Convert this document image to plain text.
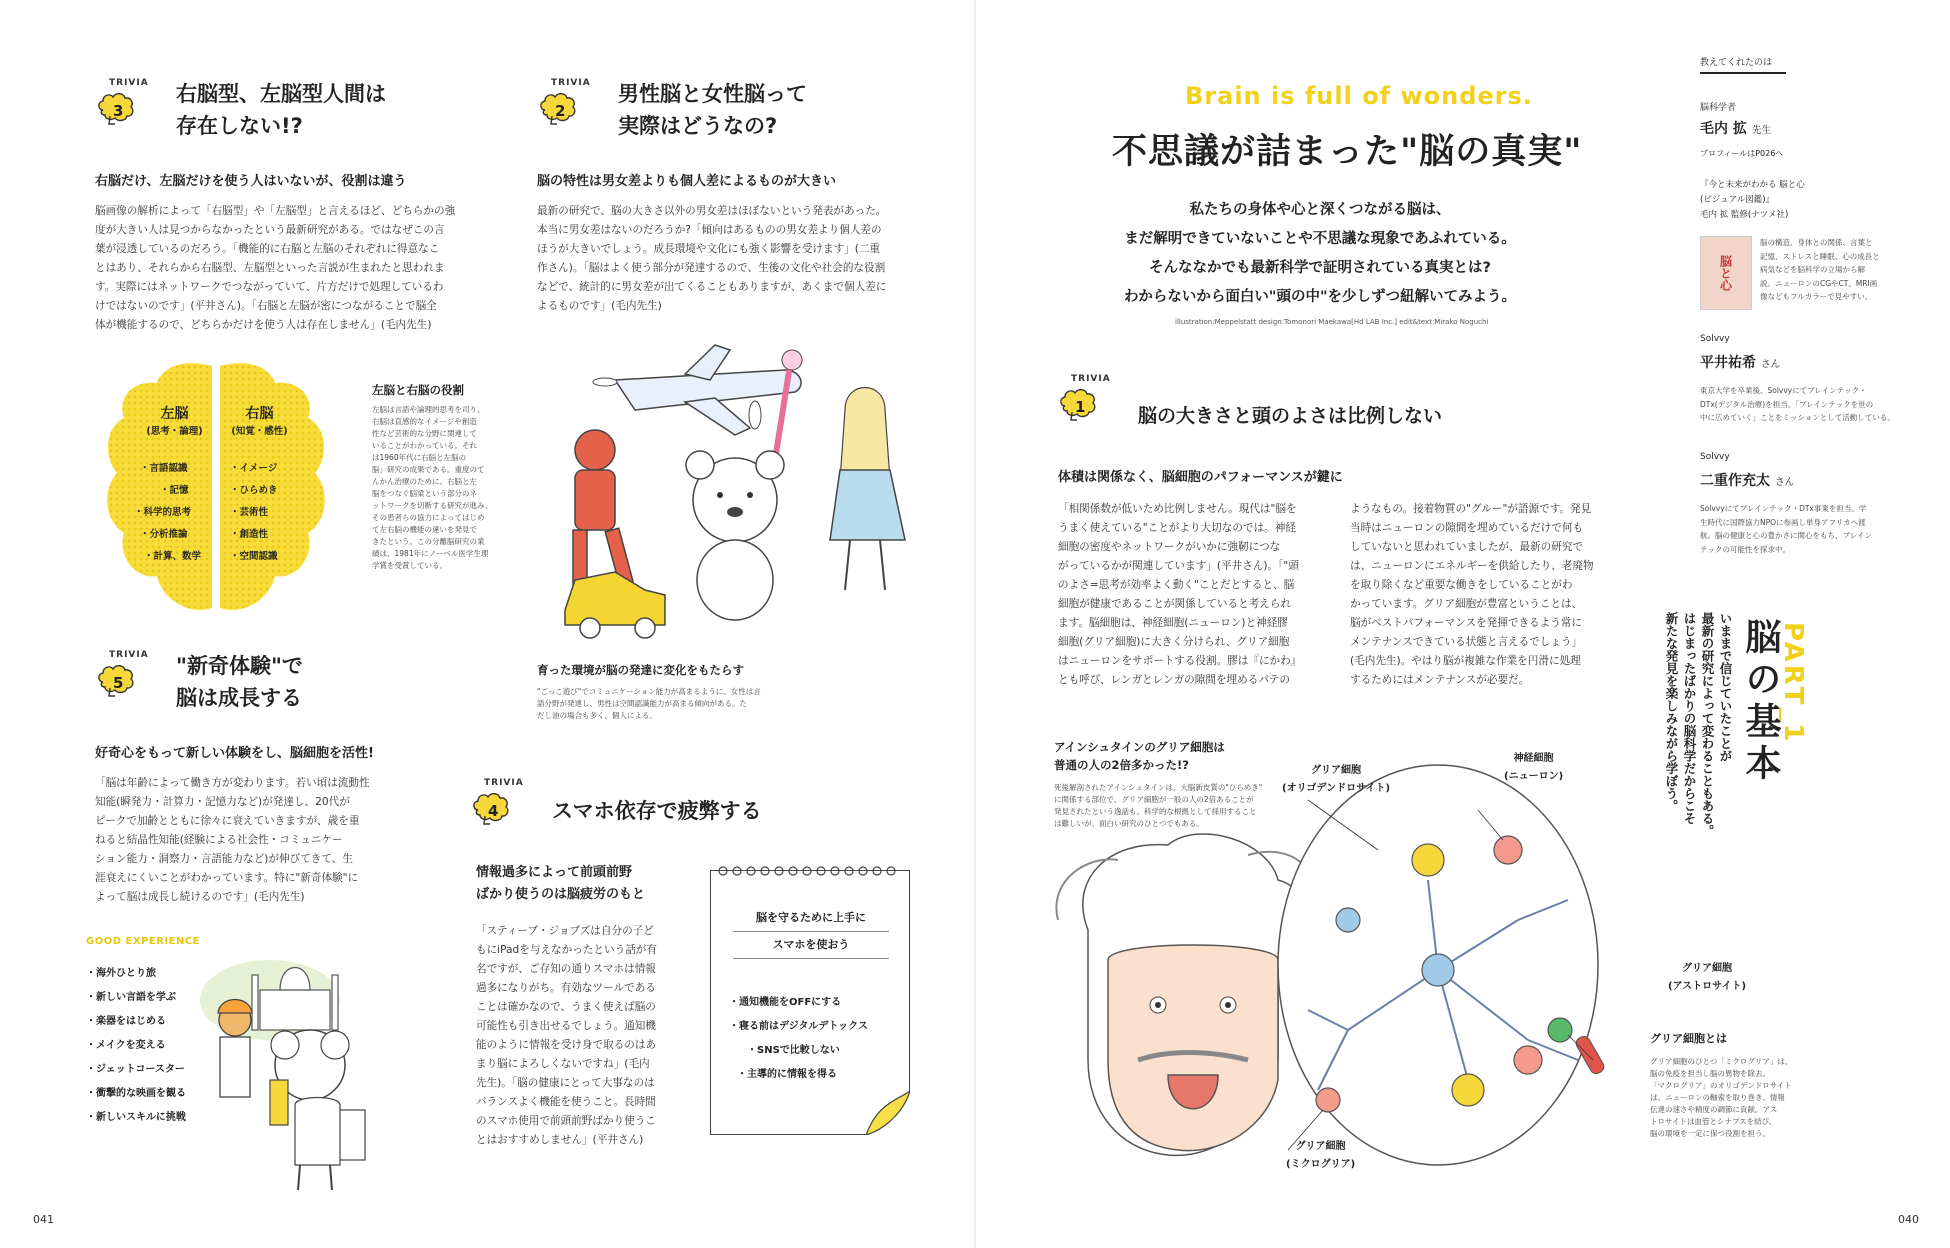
TRIVIA
3
右脳型、左脳型人間は
存在しない!?
右脳だけ、左脳だけを使う人はいないが、役割は違う
脳画像の解析によって「右脳型」や「左脳型」と言えるほど、どちらかの強
度が大きい人は見つからなかったという最新研究がある。ではなぜこの言
葉が浸透しているのだろう。「機能的に右脳と左脳のそれぞれに得意なこ
とはあり、それらから右脳型、左脳型といった言説が生まれたと思われま
す。実際にはネットワークでつながっていて、片方だけで処理しているわ
けではないのです」(平井さん)。「右脳と左脳が密につながることで脳全
体が機能するので、どちらかだけを使う人は存在しません」(毛内先生)
左脳
(思考・論理)
・言語認識
・記憶
・科学的思考
・分析推論
・計算、数学
右脳
(知覚・感性)
・イメージ
・ひらめき
・芸術性
・創造性
・空間認識
左脳と右脳の役割
左脳は言語や論理的思考を司り、
右脳は直感的なイメージや創造
性など芸術的な分野に関連して
いることがわかっている。それ
は1960年代に右脳と左脳の
脳」研究の成果である。重度のて
んかん治療のために、右脳と左
脳をつなぐ脳梁という部分のネ
ットワークを切断する研究が進み、
その患者らの協力によってはじめ
て左右脳の機能の違いを発見で
きたという。この分離脳研究の業
績は、1981年にノーベル医学生理
学賞を受賞している。
TRIVIA
2
男性脳と女性脳って
実際はどうなの?
脳の特性は男女差よりも個人差によるものが大きい
最新の研究で、脳の大きさ以外の男女差はほぼないという発表があった。
本当に男女差はないのだろうか?「傾向はあるものの男女差より個人差の
ほうが大きいでしょう。成長環境や文化にも強く影響を受けます」(二重
作さん)。「脳はよく使う部分が発達するので、生後の文化や社会的な役割
などで、統計的に男女差が出てくることもありますが、あくまで個人差に
よるものです」(毛内先生)
育った環境が脳の発達に変化をもたらす
"ごっこ遊び"でコミュニケーション能力が高まるように、女性は言
語分野が発達し、男性は空間認識能力が高まる傾向がある。た
だし油の場合も多く、個人による。
TRIVIA
5
"新奇体験"で
脳は成長する
好奇心をもって新しい体験をし、脳細胞を活性!
「脳は年齢によって働き方が変わります。若い頃は流動性
知能(瞬発力・計算力・記憶力など)が発達し、20代が
ピークで加齢とともに徐々に衰えていきますが、歳を重
ねると結晶性知能(経験による社会性・コミュニケー
ション能力・洞察力・言語能力など)が伸びてきて、生
涯衰えにくいことがわかっています。特に"新奇体験"に
よって脳は成長し続けるのです」(毛内先生)
GOOD EXPERIENCE
・海外ひとり旅
・新しい言語を学ぶ
・楽器をはじめる
・メイクを変える
・ジェットコースター
・衝撃的な映画を観る
・新しいスキルに挑戦
TRIVIA
4	スマホ依存で疲弊する
情報過多によって前頭前野
ばかり使うのは脳疲労のもと
「スティーブ・ジョブズは自分の子ど
もにiPadを与えなかったという話が有
名ですが、ご存知の通りスマホは情報
過多になりがち。有効なツールである
ことは確かなので、うまく使えば脳の
可能性も引き出せるでしょう。通知機
能のように情報を受け身で取るのはあ
まり脳によろしくないですね」(毛内
先生)。「脳の健康にとって大事なのは
バランスよく機能を使うこと。長時間
のスマホ使用で前頭前野ばかり使うこ
とはおすすめしません」(平井さん)
脳を守るために上手に
スマホを使おう
・通知機能をOFFにする
・寝る前はデジタルデトックス
・SNSで比較しない
・主導的に情報を得る
041
Brain is full of wonders.
不思議が詰まった"脳の真実"
私たちの身体や心と深くつながる脳は、
まだ解明できていないことや不思議な現象であふれている。
そんななかでも最新科学で証明されている真実とは?
わからないから面白い"頭の中"を少しずつ紐解いてみよう。
illustration:Meppelstatt design:Tomonori Maekawa[Hd LAB Inc.] edit&text:Mirako Noguchi
TRIVIA
1	脳の大きさと頭のよさは比例しない
体積は関係なく、脳細胞のパフォーマンスが鍵に
「相関係数が低いため比例しません。現代は"脳を
うまく使えている"ことがより大切なのでは。神経
細胞の密度やネットワークがいかに強靭につな
がっているかが関連しています」(平井さん)。「"頭
のよさ=思考が効率よく動く"ことだとすると、脳
細胞が健康であることが関係していると考えられ
ます。脳細胞は、神経細胞(ニューロン)と神経膠
細胞(グリア細胞)に大きく分けられ、グリア細胞
はニューロンをサポートする役割。膠は『にかわ』
とも呼び、レンガとレンガの隙間を埋めるパテの
ようなもの。接着物質の"グルー"が語源です。発見
当時はニューロンの隙間を埋めているだけで何も
していないと思われていましたが、最新の研究で
は、ニューロンにエネルギーを供給したり、老廃物
を取り除くなど重要な働きをしていることがわ
かっています。グリア細胞が豊富ということは、
脳がベストパフォーマンスを発揮できるよう常に
メンテナンスできている状態と言えるでしょう」
(毛内先生)。やはり脳が複雑な作業を円滑に処理
するためにはメンテナンスが必要だ。
アインシュタインのグリア細胞は
普通の人の2倍多かった!?
死後解剖されたアインシュタインは、大脳新皮質の"ひらめき"
に関係する部位で、グリア細胞が一般の人の2倍あることが
発見されたという逸話も。科学的な根拠として採用すること
は難しいが、面白い研究のひとつでもある。
グリア細胞
(オリゴデンドロサイト)
神経細胞
(ニューロン)
グリア細胞
(アストロサイト)
グリア細胞
(ミクログリア)
グリア細胞とは
グリア細胞のひとつ「ミクログリア」は、
脳の免疫を担当し脳の異物を除去。
「マクログリア」のオリゴデンドロサイト
は、ニューロンの軸索を取り巻き、情報
伝達の速さや精度の調節に貢献。アス
トロサイトは血管とシナプスを結び、
脳の環境を一定に保つ役割を担う。
PART_1
脳の基本
いままで信じていたことが
最新の研究によって変わることもある。
はじまったばかりの脳科学だからこそ
新たな発見を楽しみながら学ぼう。
教えてくれたのは
脳科学者
毛内 拡 先生
プロフィールはP026へ
『今と未来がわかる 脳と心
(ビジュアル図鑑)』
毛内 拡 監修(ナツメ社)
脳と心
脳の構造、身体との関係、言葉と
記憶、ストレスと睡眠、心の成長と
病気などを脳科学の立場から解
説。ニューロンのCGやCT、MRI画
像などもフルカラーで見やすい。
Solvvy
平井祐希 さん
東京大学を卒業後、Solvvyにてブレインテック・
DTx(デジタル治療)を担当。「ブレインテックを世の
中に広めていく」ことをミッションとして活動している。
Solvvy
二重作充太 さん
Solvvyにてブレインテック・DTx事業を担当。学
生時代に国際協力NPOに参画し単身アフリカへ渡
航。脳の健康と心の豊かさに関心をもち、ブレイン
テックの可能性を探求中。
040
